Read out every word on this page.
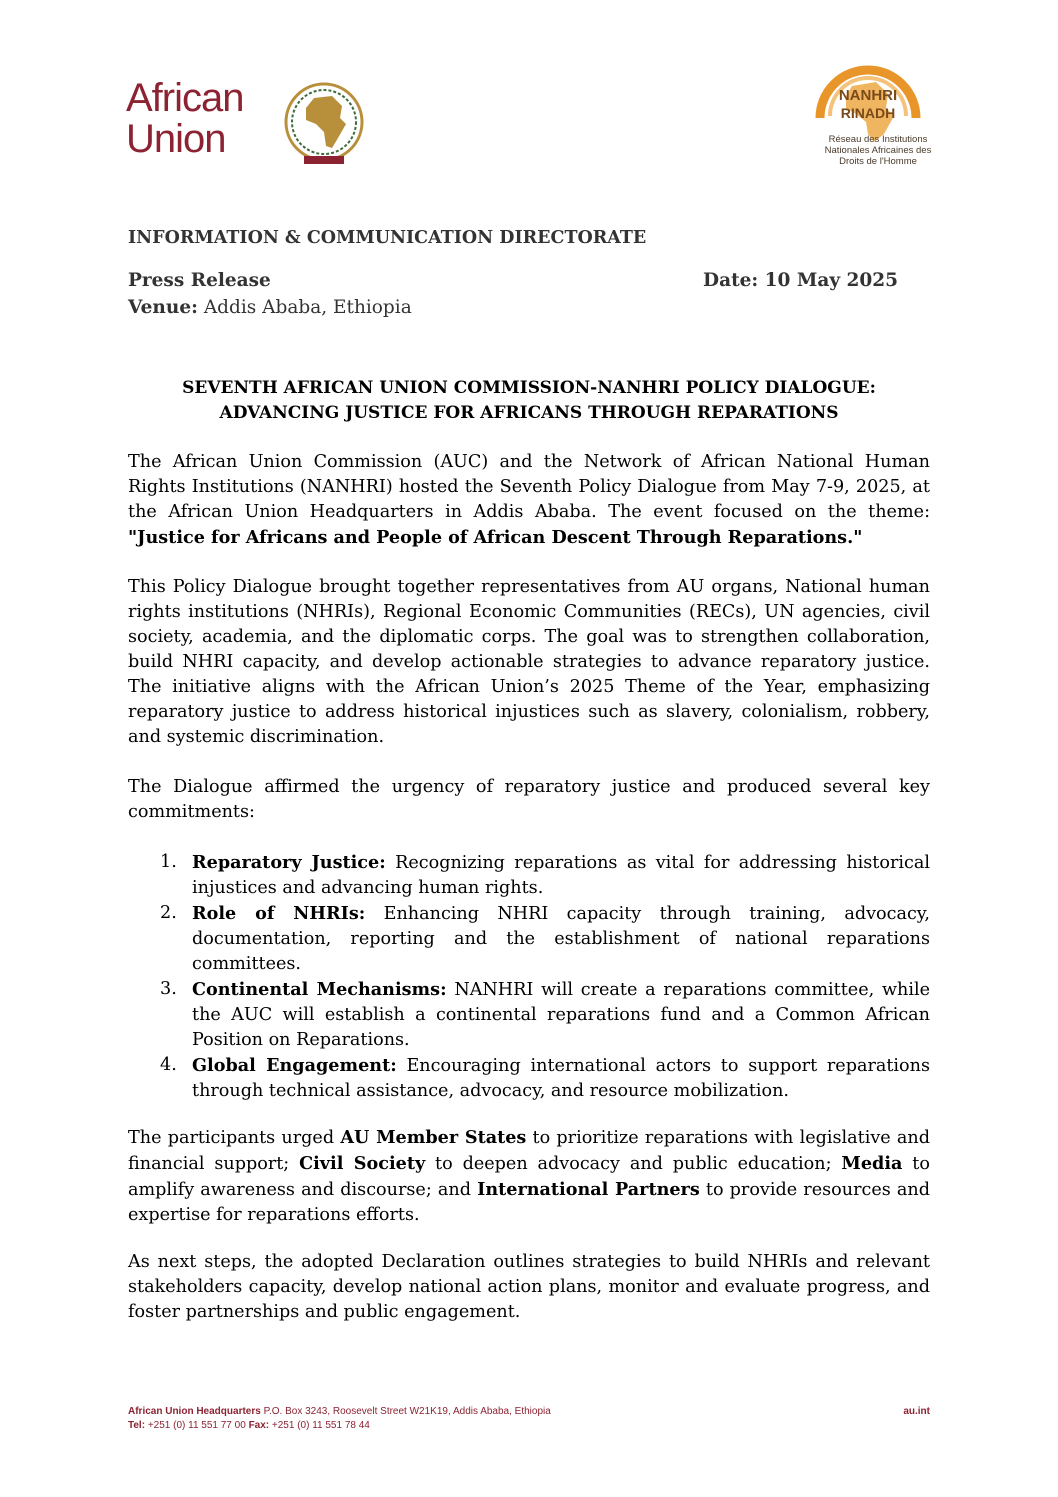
African
Union
NANHRI
RINADH
Réseau des Institutions Nationales Africaines des Droits de l'Homme
INFORMATION & COMMUNICATION DIRECTORATE
Press Release	Date: 10 May 2025
Venue: Addis Ababa, Ethiopia
SEVENTH AFRICAN UNION COMMISSION-NANHRI POLICY DIALOGUE: ADVANCING JUSTICE FOR AFRICANS THROUGH REPARATIONS
The African Union Commission (AUC) and the Network of African National Human Rights Institutions (NANHRI) hosted the Seventh Policy Dialogue from May 7-9, 2025, at the African Union Headquarters in Addis Ababa. The event focused on the theme: "Justice for Africans and People of African Descent Through Reparations."
This Policy Dialogue brought together representatives from AU organs, National human rights institutions (NHRIs), Regional Economic Communities (RECs), UN agencies, civil society, academia, and the diplomatic corps. The goal was to strengthen collaboration, build NHRI capacity, and develop actionable strategies to advance reparatory justice. The initiative aligns with the African Union’s 2025 Theme of the Year, emphasizing reparatory justice to address historical injustices such as slavery, colonialism, robbery, and systemic discrimination.
The Dialogue affirmed the urgency of reparatory justice and produced several key commitments:
1. Reparatory Justice: Recognizing reparations as vital for addressing historical injustices and advancing human rights.
2. Role of NHRIs: Enhancing NHRI capacity through training, advocacy, documentation, reporting and the establishment of national reparations committees.
3. Continental Mechanisms: NANHRI will create a reparations committee, while the AUC will establish a continental reparations fund and a Common African Position on Reparations.
4. Global Engagement: Encouraging international actors to support reparations through technical assistance, advocacy, and resource mobilization.
The participants urged AU Member States to prioritize reparations with legislative and financial support; Civil Society to deepen advocacy and public education; Media to amplify awareness and discourse; and International Partners to provide resources and expertise for reparations efforts.
As next steps, the adopted Declaration outlines strategies to build NHRIs and relevant stakeholders capacity, develop national action plans, monitor and evaluate progress, and foster partnerships and public engagement.
African Union Headquarters P.O. Box 3243, Roosevelt Street W21K19, Addis Ababa, Ethiopia
Tel: +251 (0) 11 551 77 00 Fax: +251 (0) 11 551 78 44
au.int
